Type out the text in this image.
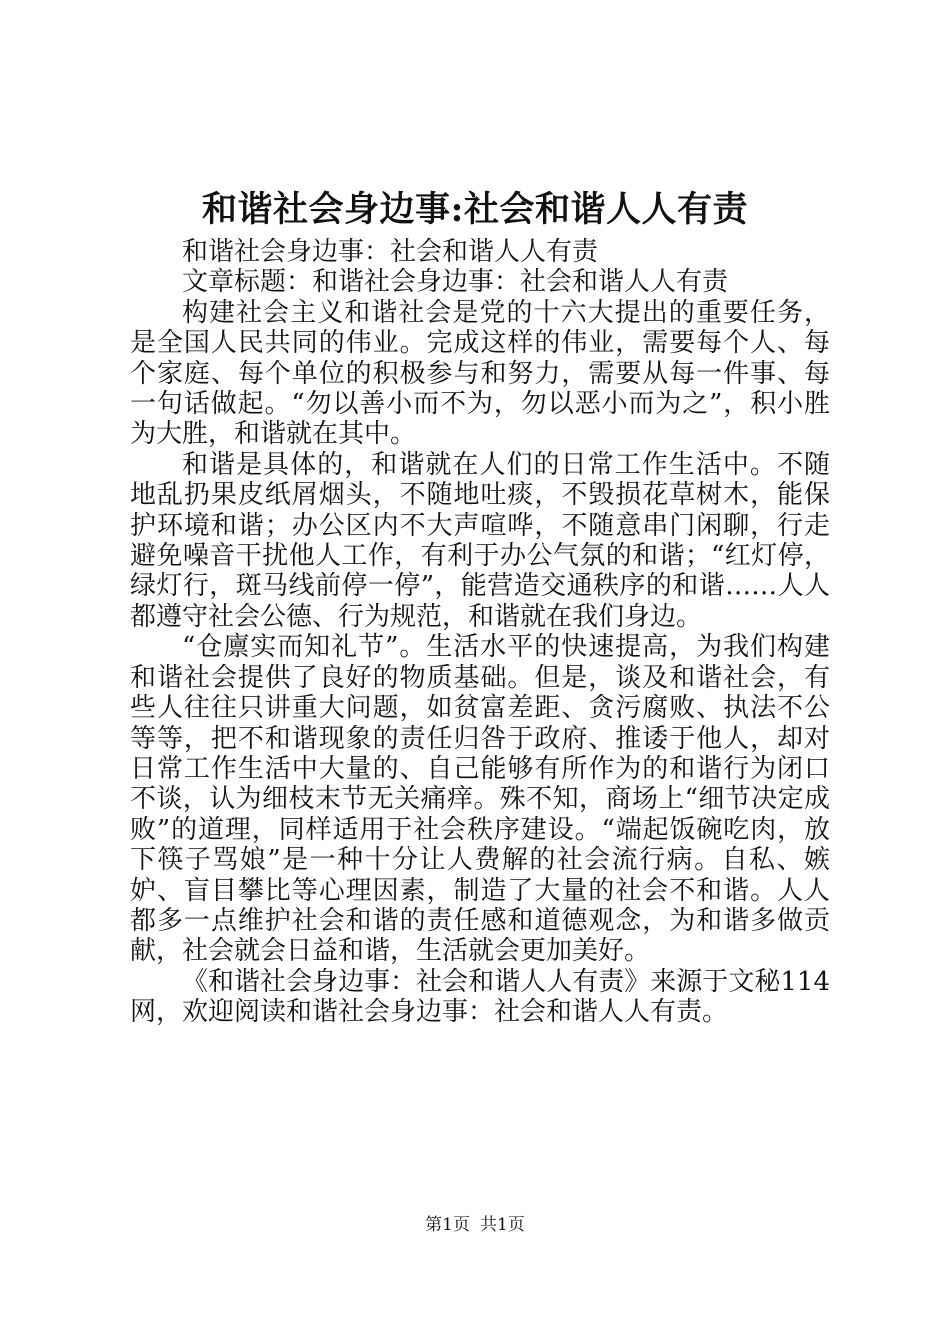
和谐社会身边事:社会和谐人人有责

和谐社会身边事：社会和谐人人有责

文章标题：和谐社会身边事：社会和谐人人有责

构建社会主义和谐社会是党的十六大提出的重要任务，是全国人民共同的伟业。完成这样的伟业，需要每个人、每个家庭、每个单位的积极参与和努力，需要从每一件事、每一句话做起。“勿以善小而不为，勿以恶小而为之”，积小胜为大胜，和谐就在其中。

和谐是具体的，和谐就在人们的日常工作生活中。不随地乱扔果皮纸屑烟头，不随地吐痰，不毁损花草树木，能保护环境和谐；办公区内不大声喧哗，不随意串门闲聊，行走避免噪音干扰他人工作，有利于办公气氛的和谐；“红灯停，绿灯行，斑马线前停一停”，能营造交通秩序的和谐……人人都遵守社会公德、行为规范，和谐就在我们身边。

“仓廪实而知礼节”。生活水平的快速提高，为我们构建和谐社会提供了良好的物质基础。但是，谈及和谐社会，有些人往往只讲重大问题，如贫富差距、贪污腐败、执法不公等等，把不和谐现象的责任归咎于政府、推诿于他人，却对日常工作生活中大量的、自己能够有所作为的和谐行为闭口不谈，认为细枝末节无关痛痒。殊不知，商场上“细节决定成败”的道理，同样适用于社会秩序建设。“端起饭碗吃肉，放下筷子骂娘”是一种十分让人费解的社会流行病。自私、嫉妒、盲目攀比等心理因素，制造了大量的社会不和谐。人人都多一点维护社会和谐的责任感和道德观念，为和谐多做贡献，社会就会日益和谐，生活就会更加美好。

《和谐社会身边事：社会和谐人人有责》来源于文秘114网，欢迎阅读和谐社会身边事：社会和谐人人有责。

第1页 共1页
